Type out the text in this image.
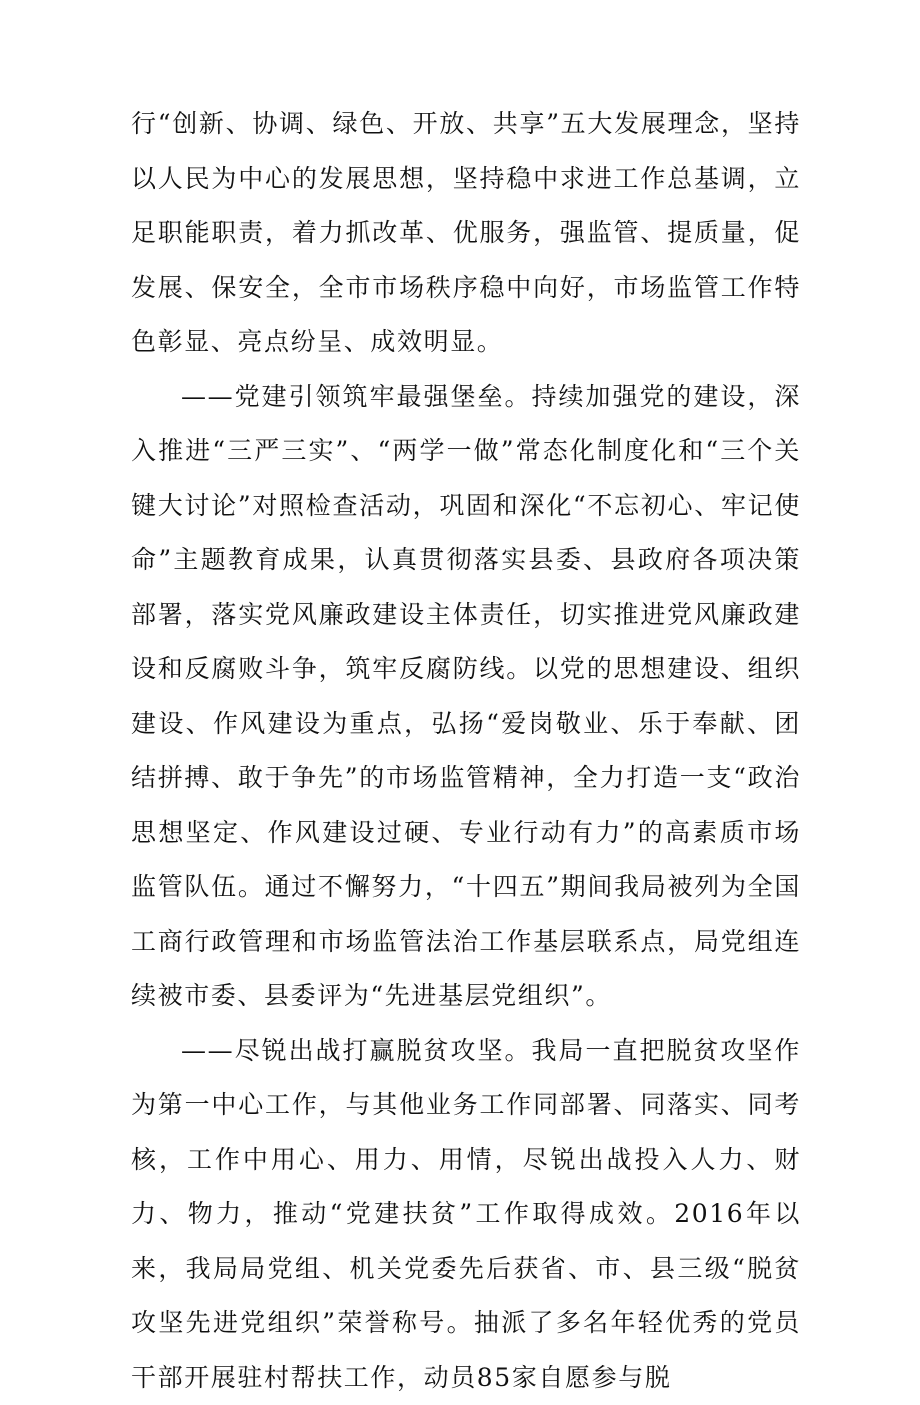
行“创新、协调、绿色、开放、共享”五大发展理念，坚持以人民为中心的发展思想，坚持稳中求进工作总基调，立足职能职责，着力抓改革、优服务，强监管、提质量，促发展、保安全，全市市场秩序稳中向好，市场监管工作特色彰显、亮点纷呈、成效明显。

——党建引领筑牢最强堡垒。持续加强党的建设，深入推进“三严三实”、“两学一做”常态化制度化和“三个关键大讨论”对照检查活动，巩固和深化“不忘初心、牢记使命”主题教育成果，认真贯彻落实县委、县政府各项决策部署，落实党风廉政建设主体责任，切实推进党风廉政建设和反腐败斗争，筑牢反腐防线。以党的思想建设、组织建设、作风建设为重点，弘扬“爱岗敬业、乐于奉献、团结拼搏、敢于争先”的市场监管精神，全力打造一支“政治思想坚定、作风建设过硬、专业行动有力”的高素质市场监管队伍。通过不懈努力，“十四五”期间我局被列为全国工商行政管理和市场监管法治工作基层联系点，局党组连续被市委、县委评为“先进基层党组织”。

——尽锐出战打赢脱贫攻坚。我局一直把脱贫攻坚作为第一中心工作，与其他业务工作同部署、同落实、同考核，工作中用心、用力、用情，尽锐出战投入人力、财力、物力，推动“党建扶贫”工作取得成效。2016年以来，我局局党组、机关党委先后获省、市、县三级“脱贫攻坚先进党组织”荣誉称号。抽派了多名年轻优秀的党员干部开展驻村帮扶工作，动员85家自愿参与脱
